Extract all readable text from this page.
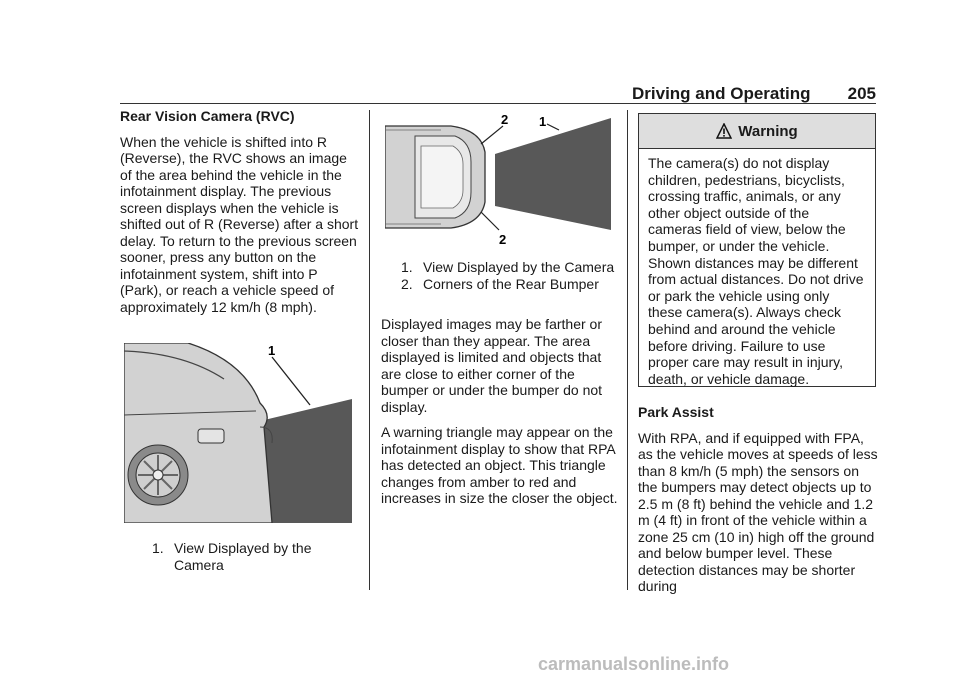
Driving and Operating 205

Rear Vision Camera (RVC)

When the vehicle is shifted into R (Reverse), the RVC shows an image of the area behind the vehicle in the infotainment display. The previous screen displays when the vehicle is shifted out of R (Reverse) after a short delay. To return to the previous screen sooner, press any button on the infotainment system, shift into P (Park), or reach a vehicle speed of approximately 12 km/h (8 mph).

1
1. View Displayed by the Camera
2 1
2
1. View Displayed by the Camera
2. Corners of the Rear Bumper

Displayed images may be farther or closer than they appear. The area displayed is limited and objects that are close to either corner of the bumper or under the bumper do not display.

A warning triangle may appear on the infotainment display to show that RPA has detected an object. This triangle changes from amber to red and increases in size the closer the object.

Warning
The camera(s) do not display children, pedestrians, bicyclists, crossing traffic, animals, or any other object outside of the cameras field of view, below the bumper, or under the vehicle. Shown distances may be different from actual distances. Do not drive or park the vehicle using only these camera(s). Always check behind and around the vehicle before driving. Failure to use proper care may result in injury, death, or vehicle damage.

Park Assist

With RPA, and if equipped with FPA, as the vehicle moves at speeds of less than 8 km/h (5 mph) the sensors on the bumpers may detect objects up to 2.5 m (8 ft) behind the vehicle and 1.2 m (4 ft) in front of the vehicle within a zone 25 cm (10 in) high off the ground and below bumper level. These detection distances may be shorter during

carmanualsonline.info
